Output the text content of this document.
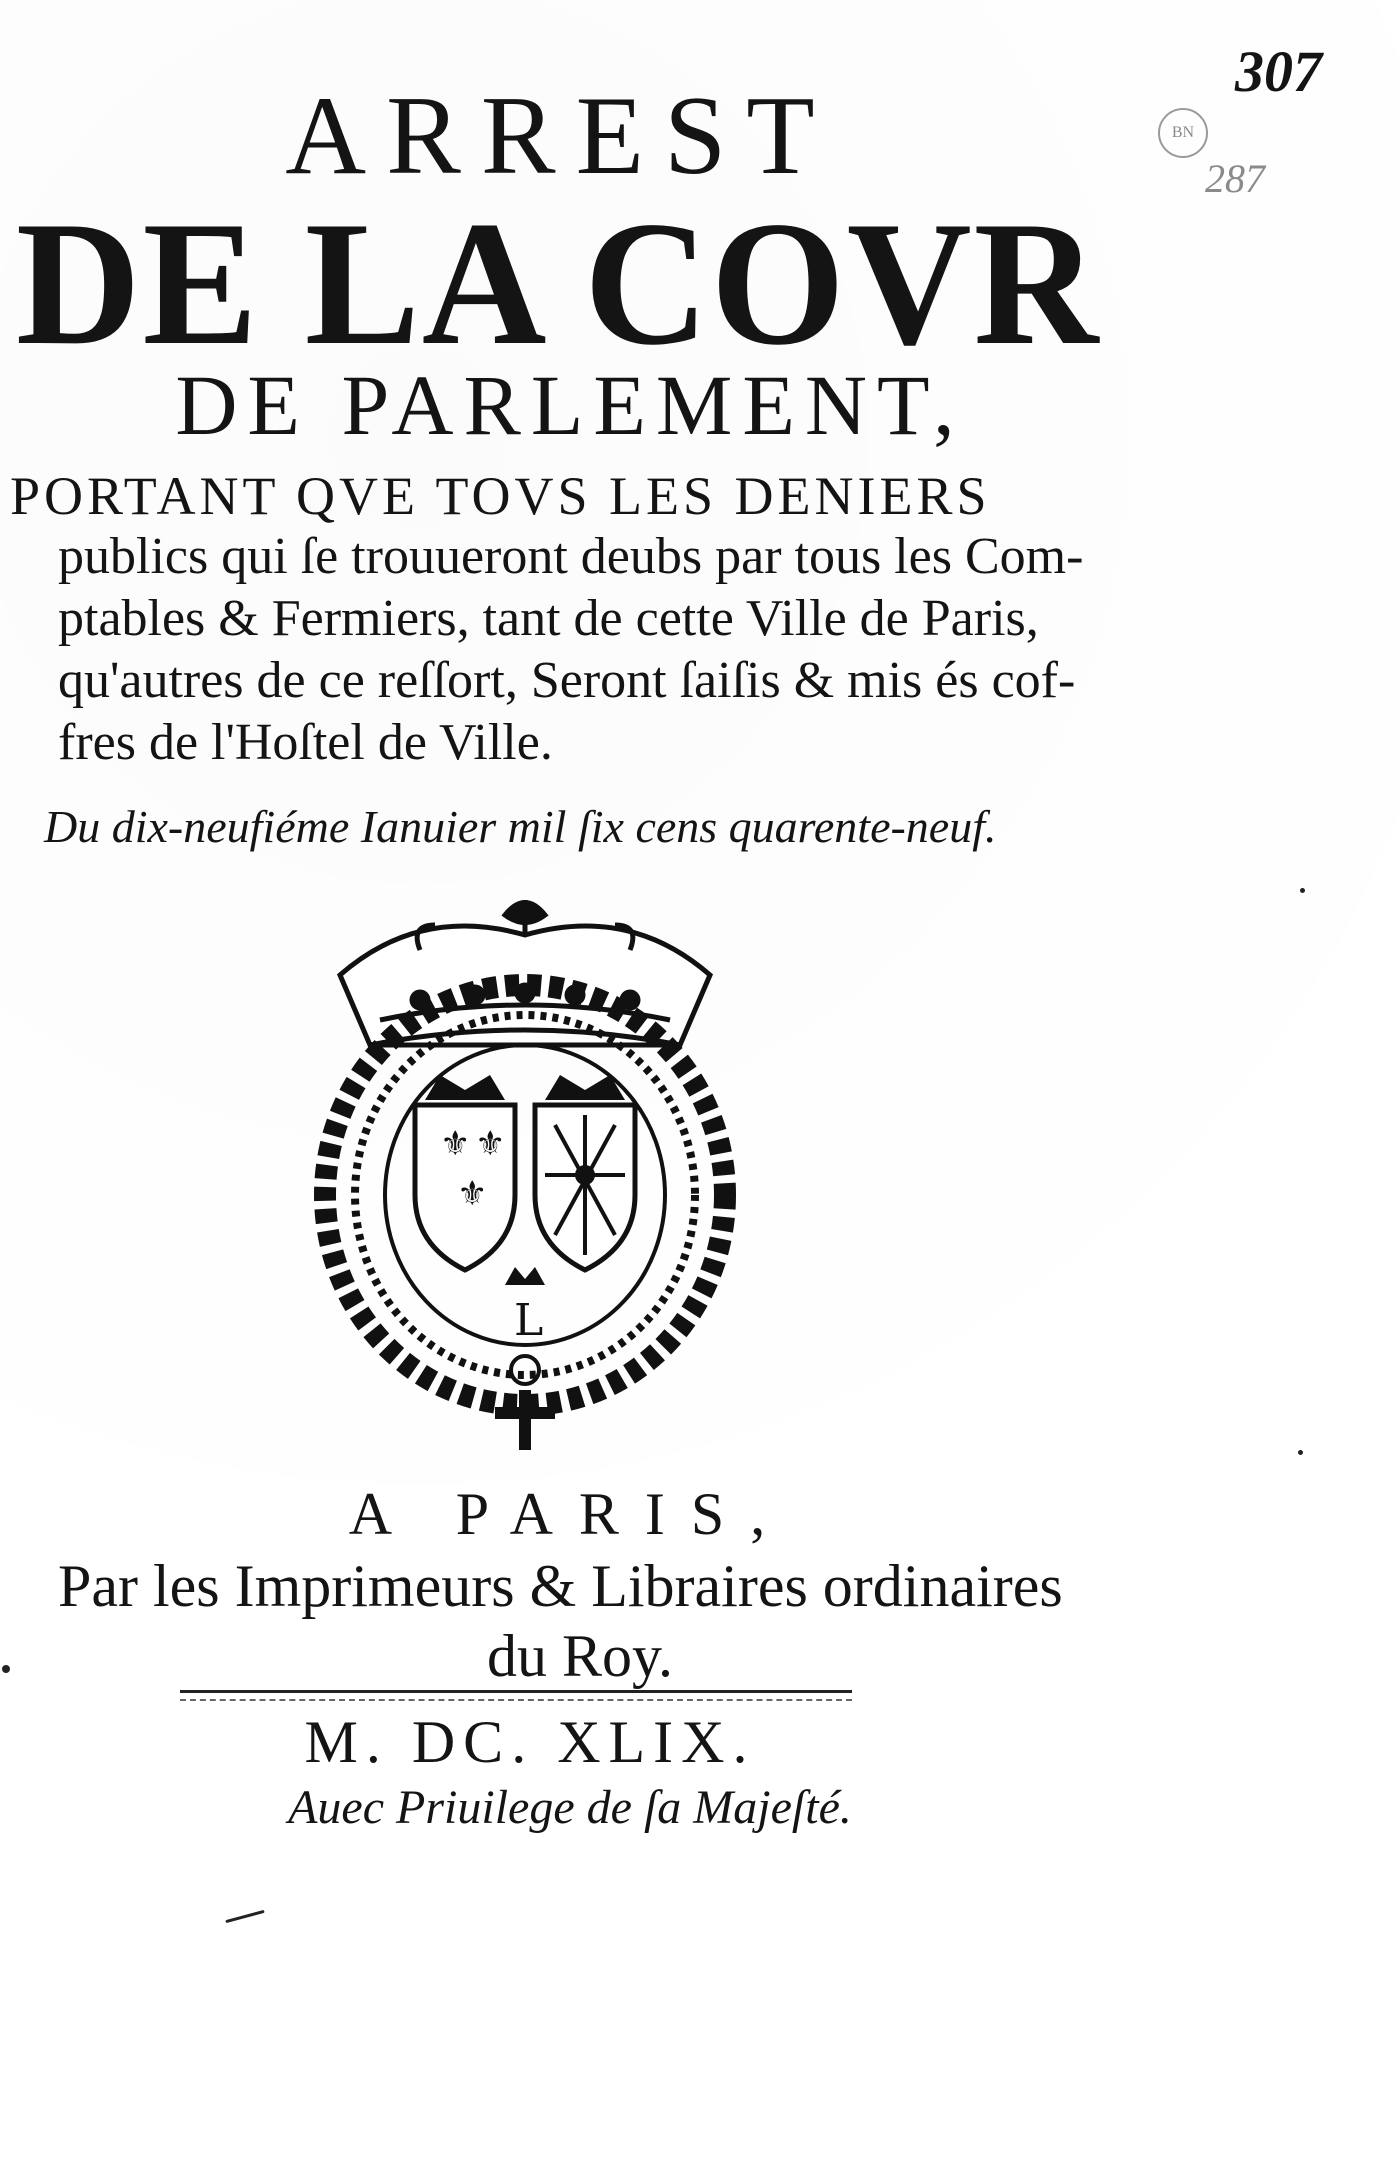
307
BN
287
ARREST
DE LA COVR
DE PARLEMENT,
PORTANT QVE TOVS LES DENIERS
publics qui ſe trouueront deubs par tous les Com-
ptables & Fermiers, tant de cette Ville de Paris,
qu'autres de ce reſſort, Seront ſaiſis & mis és cof-
fres de l'Hoſtel de Ville.
Du dix-neufiéme Ianuier mil ſix cens quarente-neuf.
⚜ ⚜
⚜
L
A PARIS,
Par les Imprimeurs & Libraires ordinaires
du Roy.
M. DC. XLIX.
Auec Priuilege de ſa Majeſté.
